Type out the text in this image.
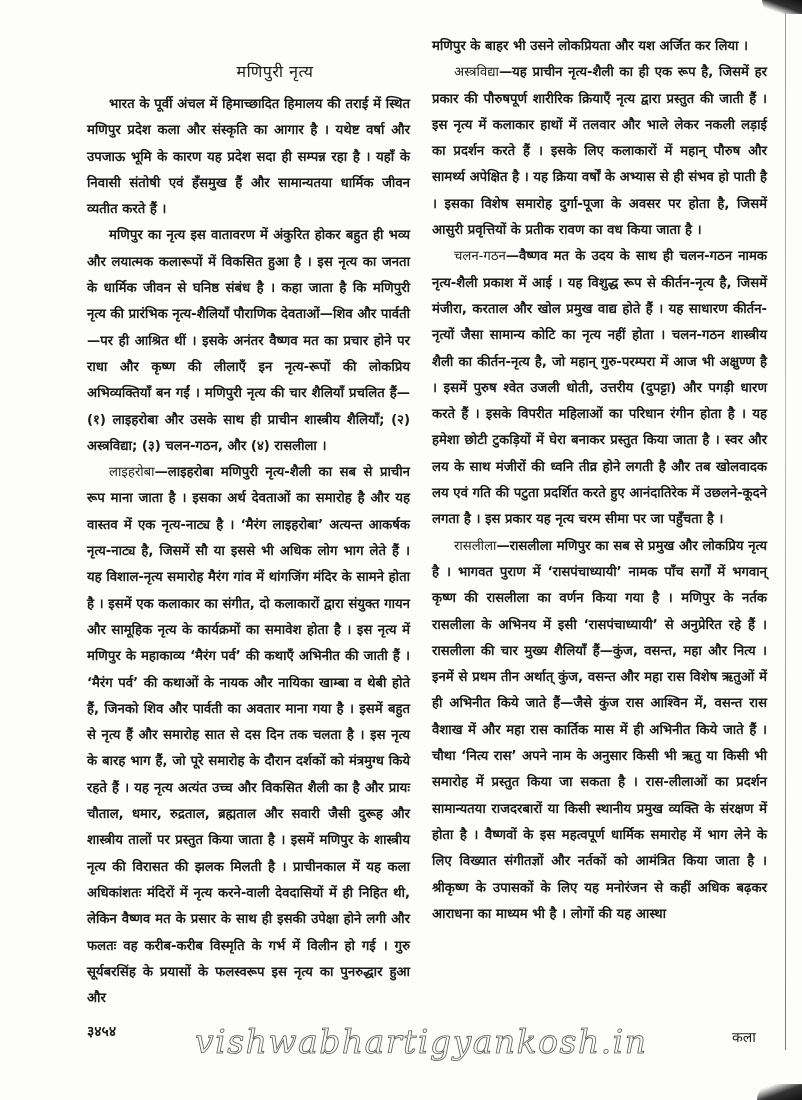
मणिपुरी नृत्य

भारत के पूर्वी अंचल में हिमाच्छादित हिमालय की तराई में स्थित मणिपुर प्रदेश कला और संस्कृति का आगार है । यथेष्ट वर्षा और उपजाऊ भूमि के कारण यह प्रदेश सदा ही सम्पन्न रहा है । यहाँ के निवासी संतोषी एवं हँसमुख हैं और सामान्यतया धार्मिक जीवन व्यतीत करते हैं ।

मणिपुर का नृत्य इस वातावरण में अंकुरित होकर बहुत ही भव्य और लयात्मक कलारूपों में विकसित हुआ है । इस नृत्य का जनता के धार्मिक जीवन से घनिष्ठ संबंध है । कहा जाता है कि मणिपुरी नृत्य की प्रारंभिक नृत्य-शैलियाँ पौराणिक देवताओं—शिव और पार्वती—पर ही आश्रित थीं । इसके अनंतर वैष्णव मत का प्रचार होने पर राधा और कृष्ण की लीलाएँ इन नृत्य-रूपों की लोकप्रिय अभिव्यक्तियाँ बन गईं । मणिपुरी नृत्य की चार शैलियाँ प्रचलित हैं—(१) लाइहरोबा और उसके साथ ही प्राचीन शास्त्रीय शैलियाँ; (२) अस्त्रविद्या; (३) चलन-गठन, और (४) रासलीला ।

लाइहरोबा—लाइहरोबा मणिपुरी नृत्य-शैली का सब से प्राचीन रूप माना जाता है । इसका अर्थ देवताओं का समारोह है और यह वास्तव में एक नृत्य-नाट्य है । ‘मैरंग लाइहरोबा’ अत्यन्त आकर्षक नृत्य-नाट्य है, जिसमें सौ या इससे भी अधिक लोग भाग लेते हैं । यह विशाल-नृत्य समारोह मैरंग गांव में थांगजिंग मंदिर के सामने होता है । इसमें एक कलाकार का संगीत, दो कलाकारों द्वारा संयुक्त गायन और सामूहिक नृत्य के कार्यक्रमों का समावेश होता है । इस नृत्य में मणिपुर के महाकाव्य ‘मैरंग पर्व’ की कथाएँ अभिनीत की जाती हैं । ‘मैरंग पर्व’ की कथाओं के नायक और नायिका खाम्बा व थेबी होते हैं, जिनको शिव और पार्वती का अवतार माना गया है । इसमें बहुत से नृत्य हैं और समारोह सात से दस दिन तक चलता है । इस नृत्य के बारह भाग हैं, जो पूरे समारोह के दौरान दर्शकों को मंत्रमुग्ध किये रहते हैं । यह नृत्य अत्यंत उच्च और विकसित शैली का है और प्रायः चौताल, धमार, रुद्रताल, ब्रह्मताल और सवारी जैसी दुरूह और शास्त्रीय तालों पर प्रस्तुत किया जाता है । इसमें मणिपुर के शास्त्रीय नृत्य की विरासत की झलक मिलती है । प्राचीनकाल में यह कला अधिकांशतः मंदिरों में नृत्य करने-वाली देवदासियों में ही निहित थी, लेकिन वैष्णव मत के प्रसार के साथ ही इसकी उपेक्षा होने लगी और फलतः वह करीब-करीब विस्मृति के गर्भ में विलीन हो गई । गुरु सूर्यबरसिंह के प्रयासों के फलस्वरूप इस नृत्य का पुनरुद्धार हुआ और

मणिपुर के बाहर भी उसने लोकप्रियता और यश अर्जित कर लिया ।

अस्त्रविद्या—यह प्राचीन नृत्य-शैली का ही एक रूप है, जिसमें हर प्रकार की पौरुषपूर्ण शारीरिक क्रियाएँ नृत्य द्वारा प्रस्तुत की जाती हैं । इस नृत्य में कलाकार हाथों में तलवार और भाले लेकर नकली लड़ाई का प्रदर्शन करते हैं । इसके लिए कलाकारों में महान् पौरुष और सामर्थ्य अपेक्षित है । यह क्रिया वर्षों के अभ्यास से ही संभव हो पाती है । इसका विशेष समारोह दुर्गा-पूजा के अवसर पर होता है, जिसमें आसुरी प्रवृत्तियों के प्रतीक रावण का वध किया जाता है ।

चलन-गठन—वैष्णव मत के उदय के साथ ही चलन-गठन नामक नृत्य-शैली प्रकाश में आई । यह विशुद्ध रूप से कीर्तन-नृत्य है, जिसमें मंजीरा, करताल और खोल प्रमुख वाद्य होते हैं । यह साधारण कीर्तन-नृत्यों जैसा सामान्य कोटि का नृत्य नहीं होता । चलन-गठन शास्त्रीय शैली का कीर्तन-नृत्य है, जो महान् गुरु-परम्परा में आज भी अक्षुण्ण है । इसमें पुरुष श्वेत उजली धोती, उत्तरीय (दुपट्टा) और पगड़ी धारण करते हैं । इसके विपरीत महिलाओं का परिधान रंगीन होता है । यह हमेशा छोटी टुकड़ियों में घेरा बनाकर प्रस्तुत किया जाता है । स्वर और लय के साथ मंजीरों की ध्वनि तीव्र होने लगती है और तब खोलवादक लय एवं गति की पटुता प्रदर्शित करते हुए आनंदातिरेक में उछलने-कूदने लगता है । इस प्रकार यह नृत्य चरम सीमा पर जा पहुँचता है ।

रासलीला—रासलीला मणिपुर का सब से प्रमुख और लोकप्रिय नृत्य है । भागवत पुराण में ‘रासपंचाध्यायी’ नामक पाँच सर्गों में भगवान् कृष्ण की रासलीला का वर्णन किया गया है । मणिपुर के नर्तक रासलीला के अभिनय में इसी ‘रासपंचाध्यायी’ से अनुप्रेरित रहे हैं । रासलीला की चार मुख्य शैलियाँ हैं—कुंज, वसन्त, महा और नित्य । इनमें से प्रथम तीन अर्थात् कुंज, वसन्त और महा रास विशेष ऋतुओं में ही अभिनीत किये जाते हैं—जैसे कुंज रास आश्विन में, वसन्त रास वैशाख में और महा रास कार्तिक मास में ही अभिनीत किये जाते हैं । चौथा ‘नित्य रास’ अपने नाम के अनुसार किसी भी ऋतु या किसी भी समारोह में प्रस्तुत किया जा सकता है । रास-लीलाओं का प्रदर्शन सामान्यतया राजदरबारों या किसी स्थानीय प्रमुख व्यक्ति के संरक्षण में होता है । वैष्णवों के इस महत्वपूर्ण धार्मिक समारोह में भाग लेने के लिए विख्यात संगीतज्ञों और नर्तकों को आमंत्रित किया जाता है । श्रीकृष्ण के उपासकों के लिए यह मनोरंजन से कहीं अधिक बढ़कर आराधना का माध्यम भी है । लोगों की यह आस्था

३४५४ vishwabhartigyankosh.in	कला
